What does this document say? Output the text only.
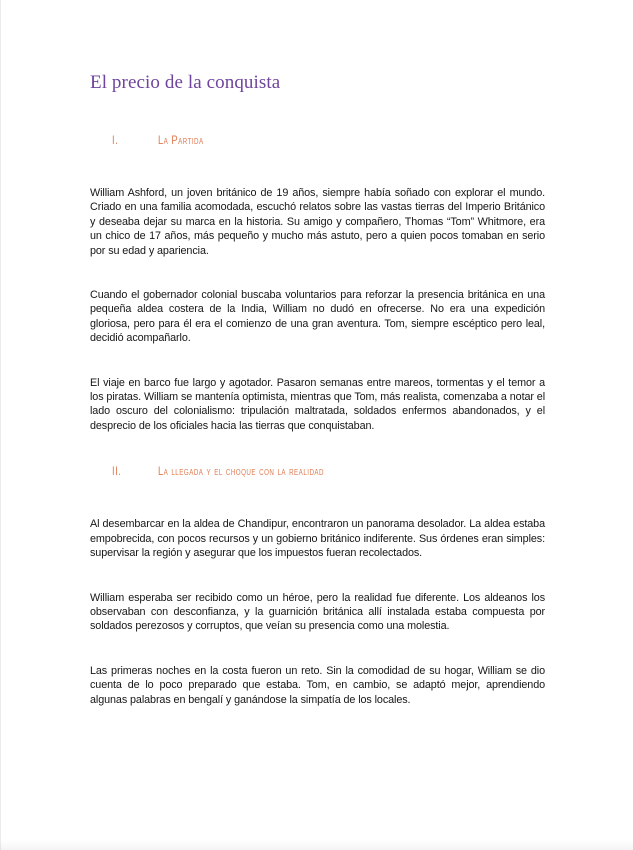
El precio de la conquista
I.	La Partida

William Ashford, un joven británico de 19 años, siempre había soñado con explorar el mundo. Criado en una familia acomodada, escuchó relatos sobre las vastas tierras del Imperio Británico y deseaba dejar su marca en la historia. Su amigo y compañero, Thomas “Tom” Whitmore, era un chico de 17 años, más pequeño y mucho más astuto, pero a quien pocos tomaban en serio por su edad y apariencia.

Cuando el gobernador colonial buscaba voluntarios para reforzar la presencia británica en una pequeña aldea costera de la India, William no dudó en ofrecerse. No era una expedición gloriosa, pero para él era el comienzo de una gran aventura. Tom, siempre escéptico pero leal, decidió acompañarlo.

El viaje en barco fue largo y agotador. Pasaron semanas entre mareos, tormentas y el temor a los piratas. William se mantenía optimista, mientras que Tom, más realista, comenzaba a notar el lado oscuro del colonialismo: tripulación maltratada, soldados enfermos abandonados, y el desprecio de los oficiales hacia las tierras que conquistaban.

II.	La llegada y el choque con la realidad

Al desembarcar en la aldea de Chandipur, encontraron un panorama desolador. La aldea estaba empobrecida, con pocos recursos y un gobierno británico indiferente. Sus órdenes eran simples: supervisar la región y asegurar que los impuestos fueran recolectados.

William esperaba ser recibido como un héroe, pero la realidad fue diferente. Los aldeanos los observaban con desconfianza, y la guarnición británica allí instalada estaba compuesta por soldados perezosos y corruptos, que veían su presencia como una molestia.

Las primeras noches en la costa fueron un reto. Sin la comodidad de su hogar, William se dio cuenta de lo poco preparado que estaba. Tom, en cambio, se adaptó mejor, aprendiendo algunas palabras en bengalí y ganándose la simpatía de los locales.
